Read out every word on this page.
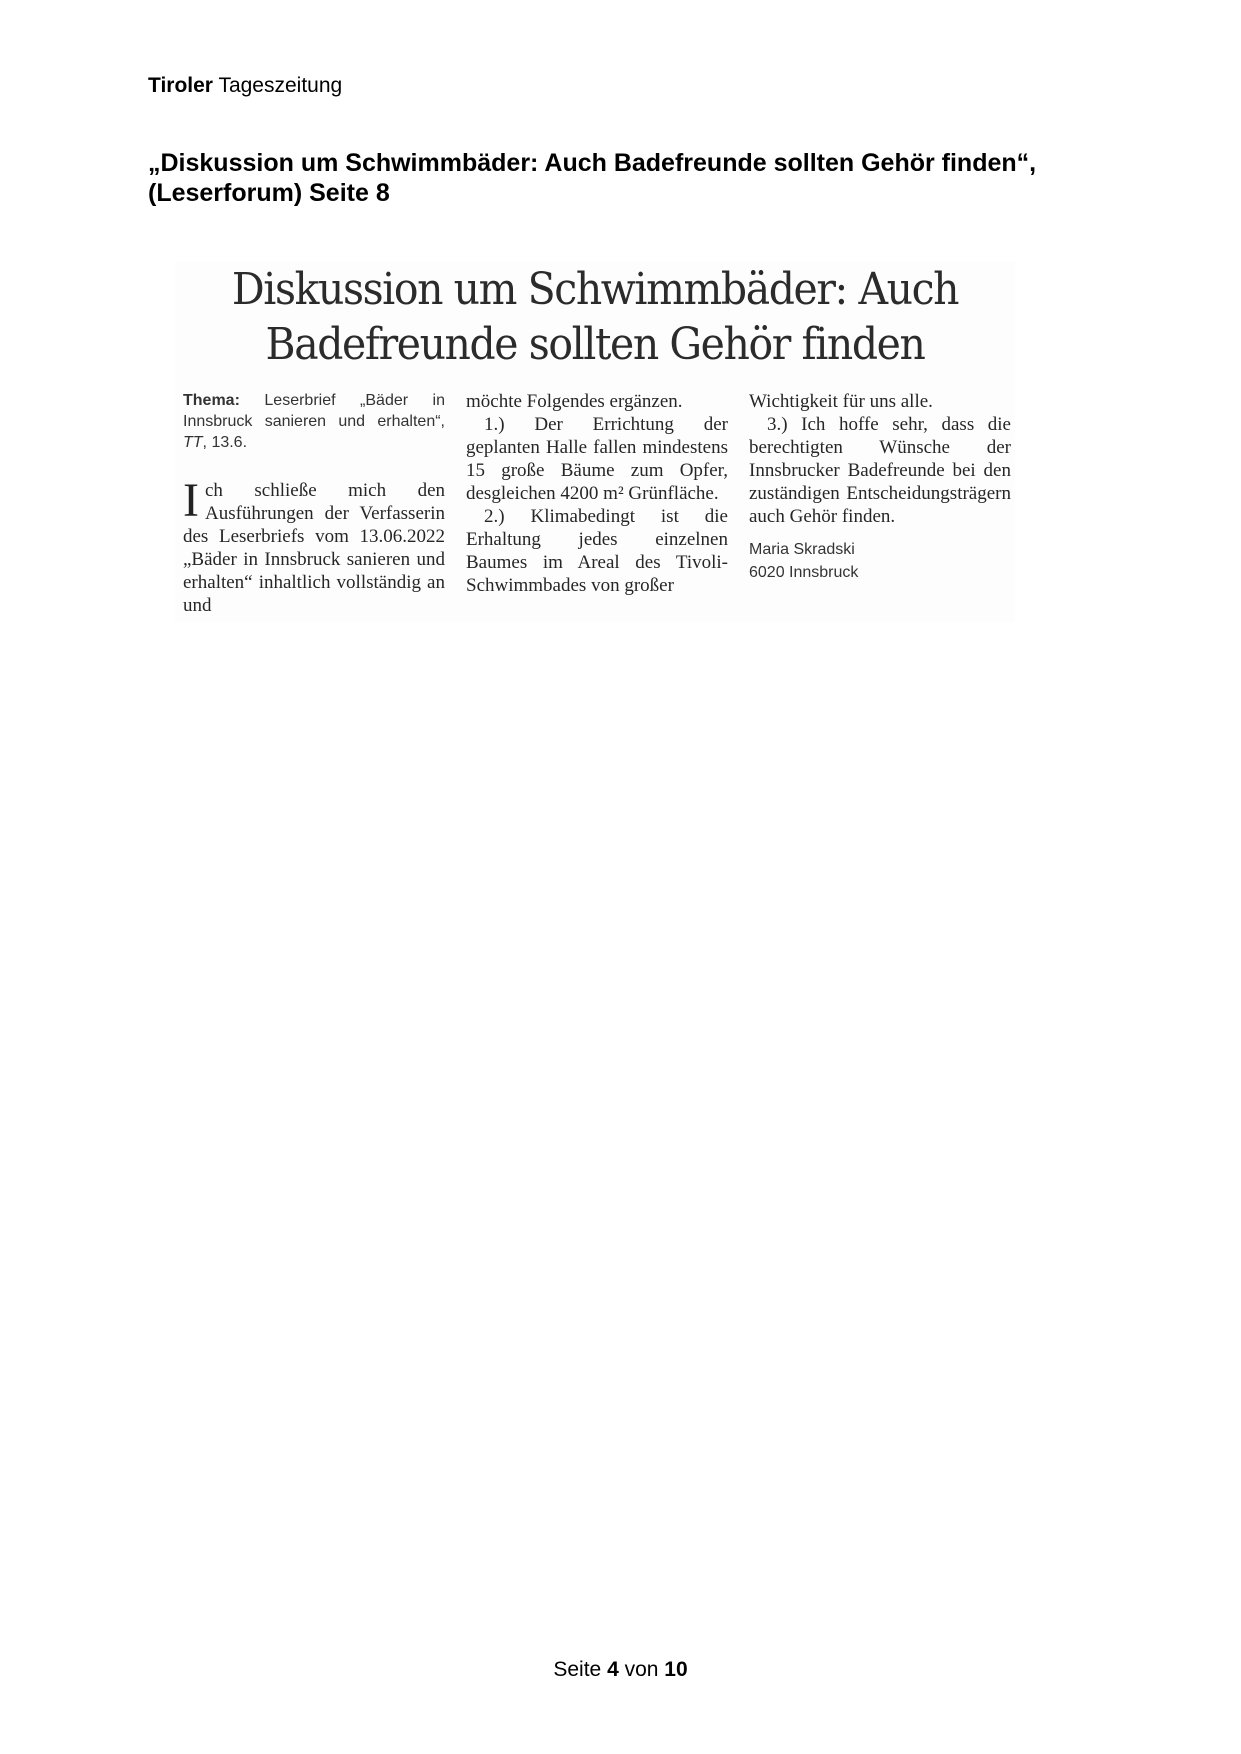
Tiroler Tageszeitung
„Diskussion um Schwimmbäder: Auch Badefreunde sollten Gehör finden“, (Leserforum) Seite 8
Diskussion um Schwimmbäder: Auch
Badefreunde sollten Gehör finden
Thema: Leserbrief „Bäder in Innsbruck sanieren und erhalten“, TT, 13.6.

Ich schließe mich den Ausführungen der Verfasserin des Leserbriefs vom 13.06.2022 „Bäder in Innsbruck sanieren und erhalten“ inhaltlich vollständig an und

möchte Folgendes ergänzen.

1.) Der Errichtung der geplanten Halle fallen mindestens 15 große Bäume zum Opfer, desgleichen 4200 m² Grünfläche.

2.) Klimabedingt ist die Erhaltung jedes einzelnen Baumes im Areal des Tivoli-Schwimmbades von großer

Wichtigkeit für uns alle.

3.) Ich hoffe sehr, dass die berechtigten Wünsche der Innsbrucker Badefreunde bei den zuständigen Entscheidungsträgern auch Gehör finden.

Maria Skradski
6020 Innsbruck
Seite 4 von 10
